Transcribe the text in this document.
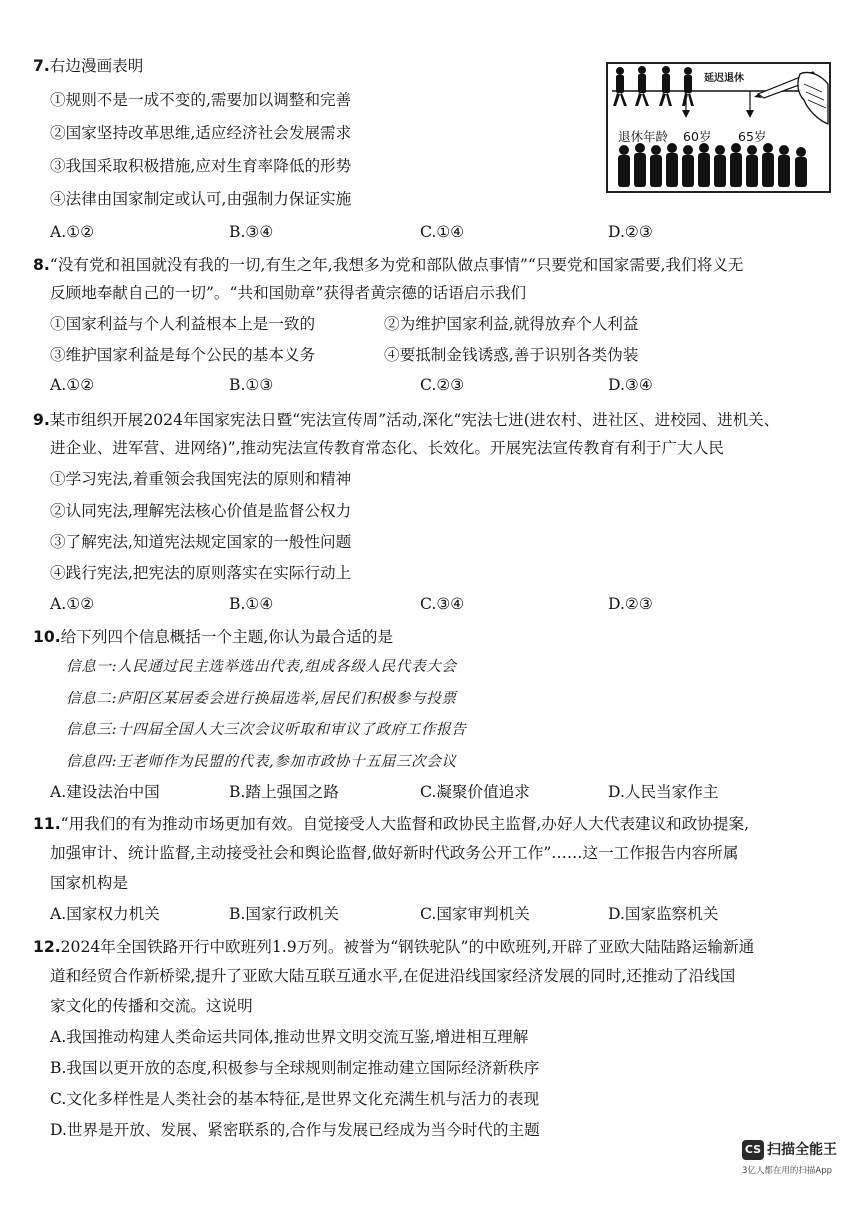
7.右边漫画表明
①规则不是一成不变的,需要加以调整和完善
②国家坚持改革思维,适应经济社会发展需求
③我国采取积极措施,应对生育率降低的形势
④法律由国家制定或认可,由强制力保证实施
A.①②	B.③④	C.①④	D.②③
延迟退休
退休年龄 60岁 65岁
8.“没有党和祖国就没有我的一切,有生之年,我想多为党和部队做点事情”“只要党和国家需要,我们将义无
反顾地奉献自己的一切”。“共和国勋章”获得者黄宗德的话语启示我们
①国家利益与个人利益根本上是一致的	②为维护国家利益,就得放弃个人利益
③维护国家利益是每个公民的基本义务	④要抵制金钱诱惑,善于识别各类伪装
A.①②	B.①③	C.②③	D.③④
9.某市组织开展2024年国家宪法日暨“宪法宣传周”活动,深化“宪法七进(进农村、进社区、进校园、进机关、
进企业、进军营、进网络)”,推动宪法宣传教育常态化、长效化。开展宪法宣传教育有利于广大人民
①学习宪法,着重领会我国宪法的原则和精神
②认同宪法,理解宪法核心价值是监督公权力
③了解宪法,知道宪法规定国家的一般性问题
④践行宪法,把宪法的原则落实在实际行动上
A.①②	B.①④	C.③④	D.②③
10.给下列四个信息概括一个主题,你认为最合适的是
信息一:人民通过民主选举选出代表,组成各级人民代表大会
信息二:庐阳区某居委会进行换届选举,居民们积极参与投票
信息三:十四届全国人大三次会议听取和审议了政府工作报告
信息四:王老师作为民盟的代表,参加市政协十五届三次会议
A.建设法治中国	B.踏上强国之路	C.凝聚价值追求	D.人民当家作主
11.“用我们的有为推动市场更加有效。自觉接受人大监督和政协民主监督,办好人大代表建议和政协提案,
加强审计、统计监督,主动接受社会和舆论监督,做好新时代政务公开工作”……这一工作报告内容所属
国家机构是
A.国家权力机关	B.国家行政机关	C.国家审判机关	D.国家监察机关
12.2024年全国铁路开行中欧班列1.9万列。被誉为“钢铁驼队”的中欧班列,开辟了亚欧大陆陆路运输新通
道和经贸合作新桥梁,提升了亚欧大陆互联互通水平,在促进沿线国家经济发展的同时,还推动了沿线国
家文化的传播和交流。这说明
A.我国推动构建人类命运共同体,推动世界文明交流互鉴,增进相互理解
B.我国以更开放的态度,积极参与全球规则制定推动建立国际经济新秩序
C.文化多样性是人类社会的基本特征,是世界文化充满生机与活力的表现
D.世界是开放、发展、紧密联系的,合作与发展已经成为当今时代的主题
CS 扫描全能王
3亿人都在用的扫描App
